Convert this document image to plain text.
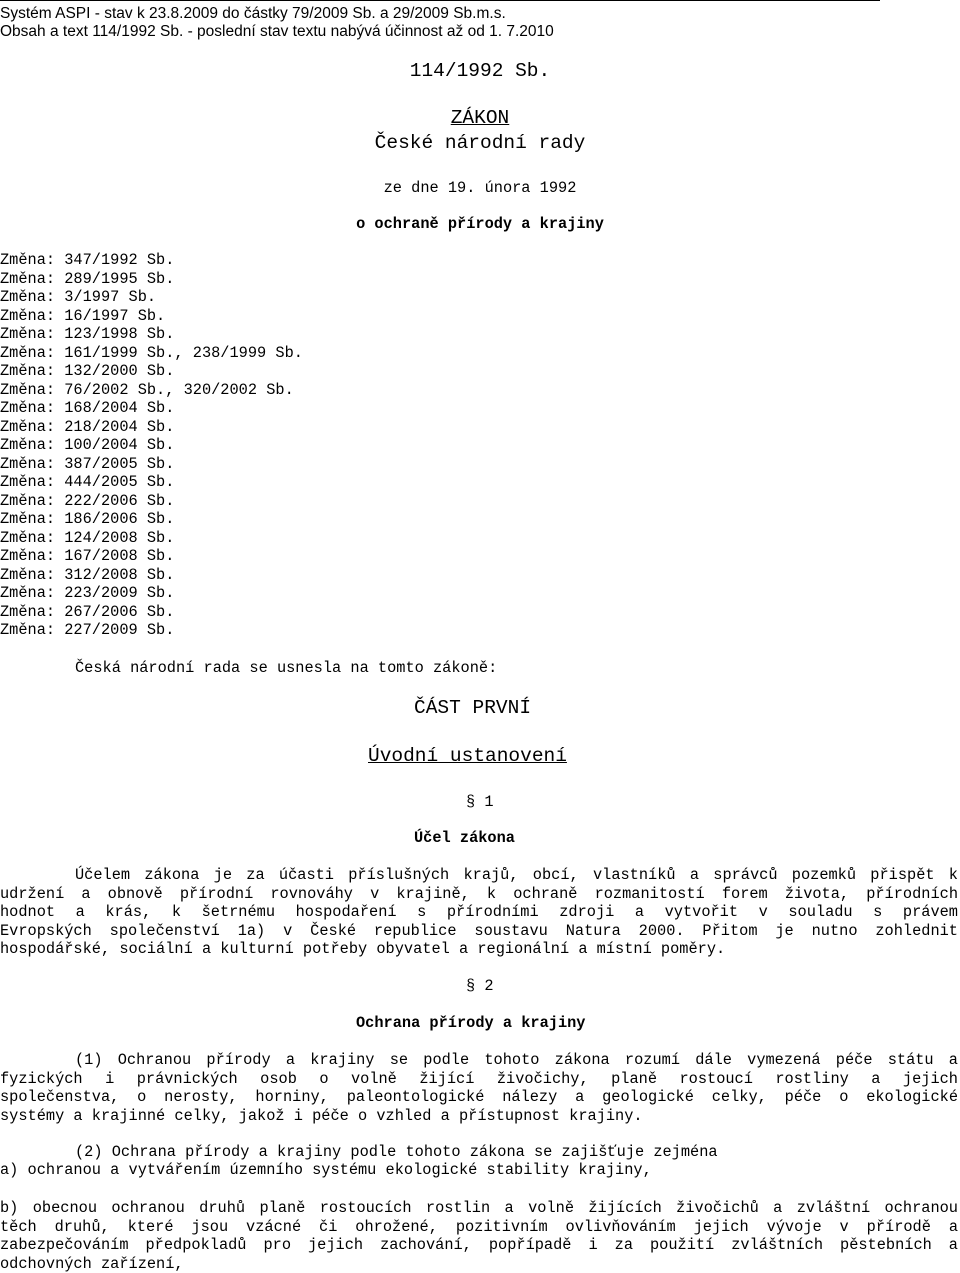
Systém ASPI - stav k 23.8.2009 do částky 79/2009 Sb. a 29/2009 Sb.m.s.
Obsah a text 114/1992 Sb. - poslední stav textu nabývá účinnost až od 1. 7.2010
114/1992 Sb.
ZÁKON
České národní rady
ze dne 19. února 1992
o ochraně přírody a krajiny
Změna: 347/1992 Sb.
Změna: 289/1995 Sb.
Změna: 3/1997 Sb.
Změna: 16/1997 Sb.
Změna: 123/1998 Sb.
Změna: 161/1999 Sb., 238/1999 Sb.
Změna: 132/2000 Sb.
Změna: 76/2002 Sb., 320/2002 Sb.
Změna: 168/2004 Sb.
Změna: 218/2004 Sb.
Změna: 100/2004 Sb.
Změna: 387/2005 Sb.
Změna: 444/2005 Sb.
Změna: 222/2006 Sb.
Změna: 186/2006 Sb.
Změna: 124/2008 Sb.
Změna: 167/2008 Sb.
Změna: 312/2008 Sb.
Změna: 223/2009 Sb.
Změna: 267/2006 Sb.
Změna: 227/2009 Sb.
Česká národní rada se usnesla na tomto zákoně:
ČÁST PRVNÍ
Úvodní ustanovení
§ 1
Účel zákona
Účelem zákona je za účasti příslušných krajů, obcí, vlastníků a správců pozemků přispět k
udržení a obnově přírodní rovnováhy v krajině, k ochraně rozmanitostí forem života, přírodních
hodnot a krás, k šetrnému hospodaření s přírodními zdroji a vytvořit v souladu s právem
Evropských společenství 1a) v České republice soustavu Natura 2000. Přitom je nutno zohlednit
hospodářské, sociální a kulturní potřeby obyvatel a regionální a místní poměry.
§ 2
Ochrana přírody a krajiny
(1) Ochranou přírody a krajiny se podle tohoto zákona rozumí dále vymezená péče státu a
fyzických i právnických osob o volně žijící živočichy, planě rostoucí rostliny a jejich
společenstva, o nerosty, horniny, paleontologické nálezy a geologické celky, péče o ekologické
systémy a krajinné celky, jakož i péče o vzhled a přístupnost krajiny.
(2) Ochrana přírody a krajiny podle tohoto zákona se zajišťuje zejména
a) ochranou a vytvářením územního systému ekologické stability krajiny,
b) obecnou ochranou druhů planě rostoucích rostlin a volně žijících živočichů a zvláštní ochranou
těch druhů, které jsou vzácné či ohrožené, pozitivním ovlivňováním jejich vývoje v přírodě a
zabezpečováním předpokladů pro jejich zachování, popřípadě i za použití zvláštních pěstebních a
odchovných zařízení,
